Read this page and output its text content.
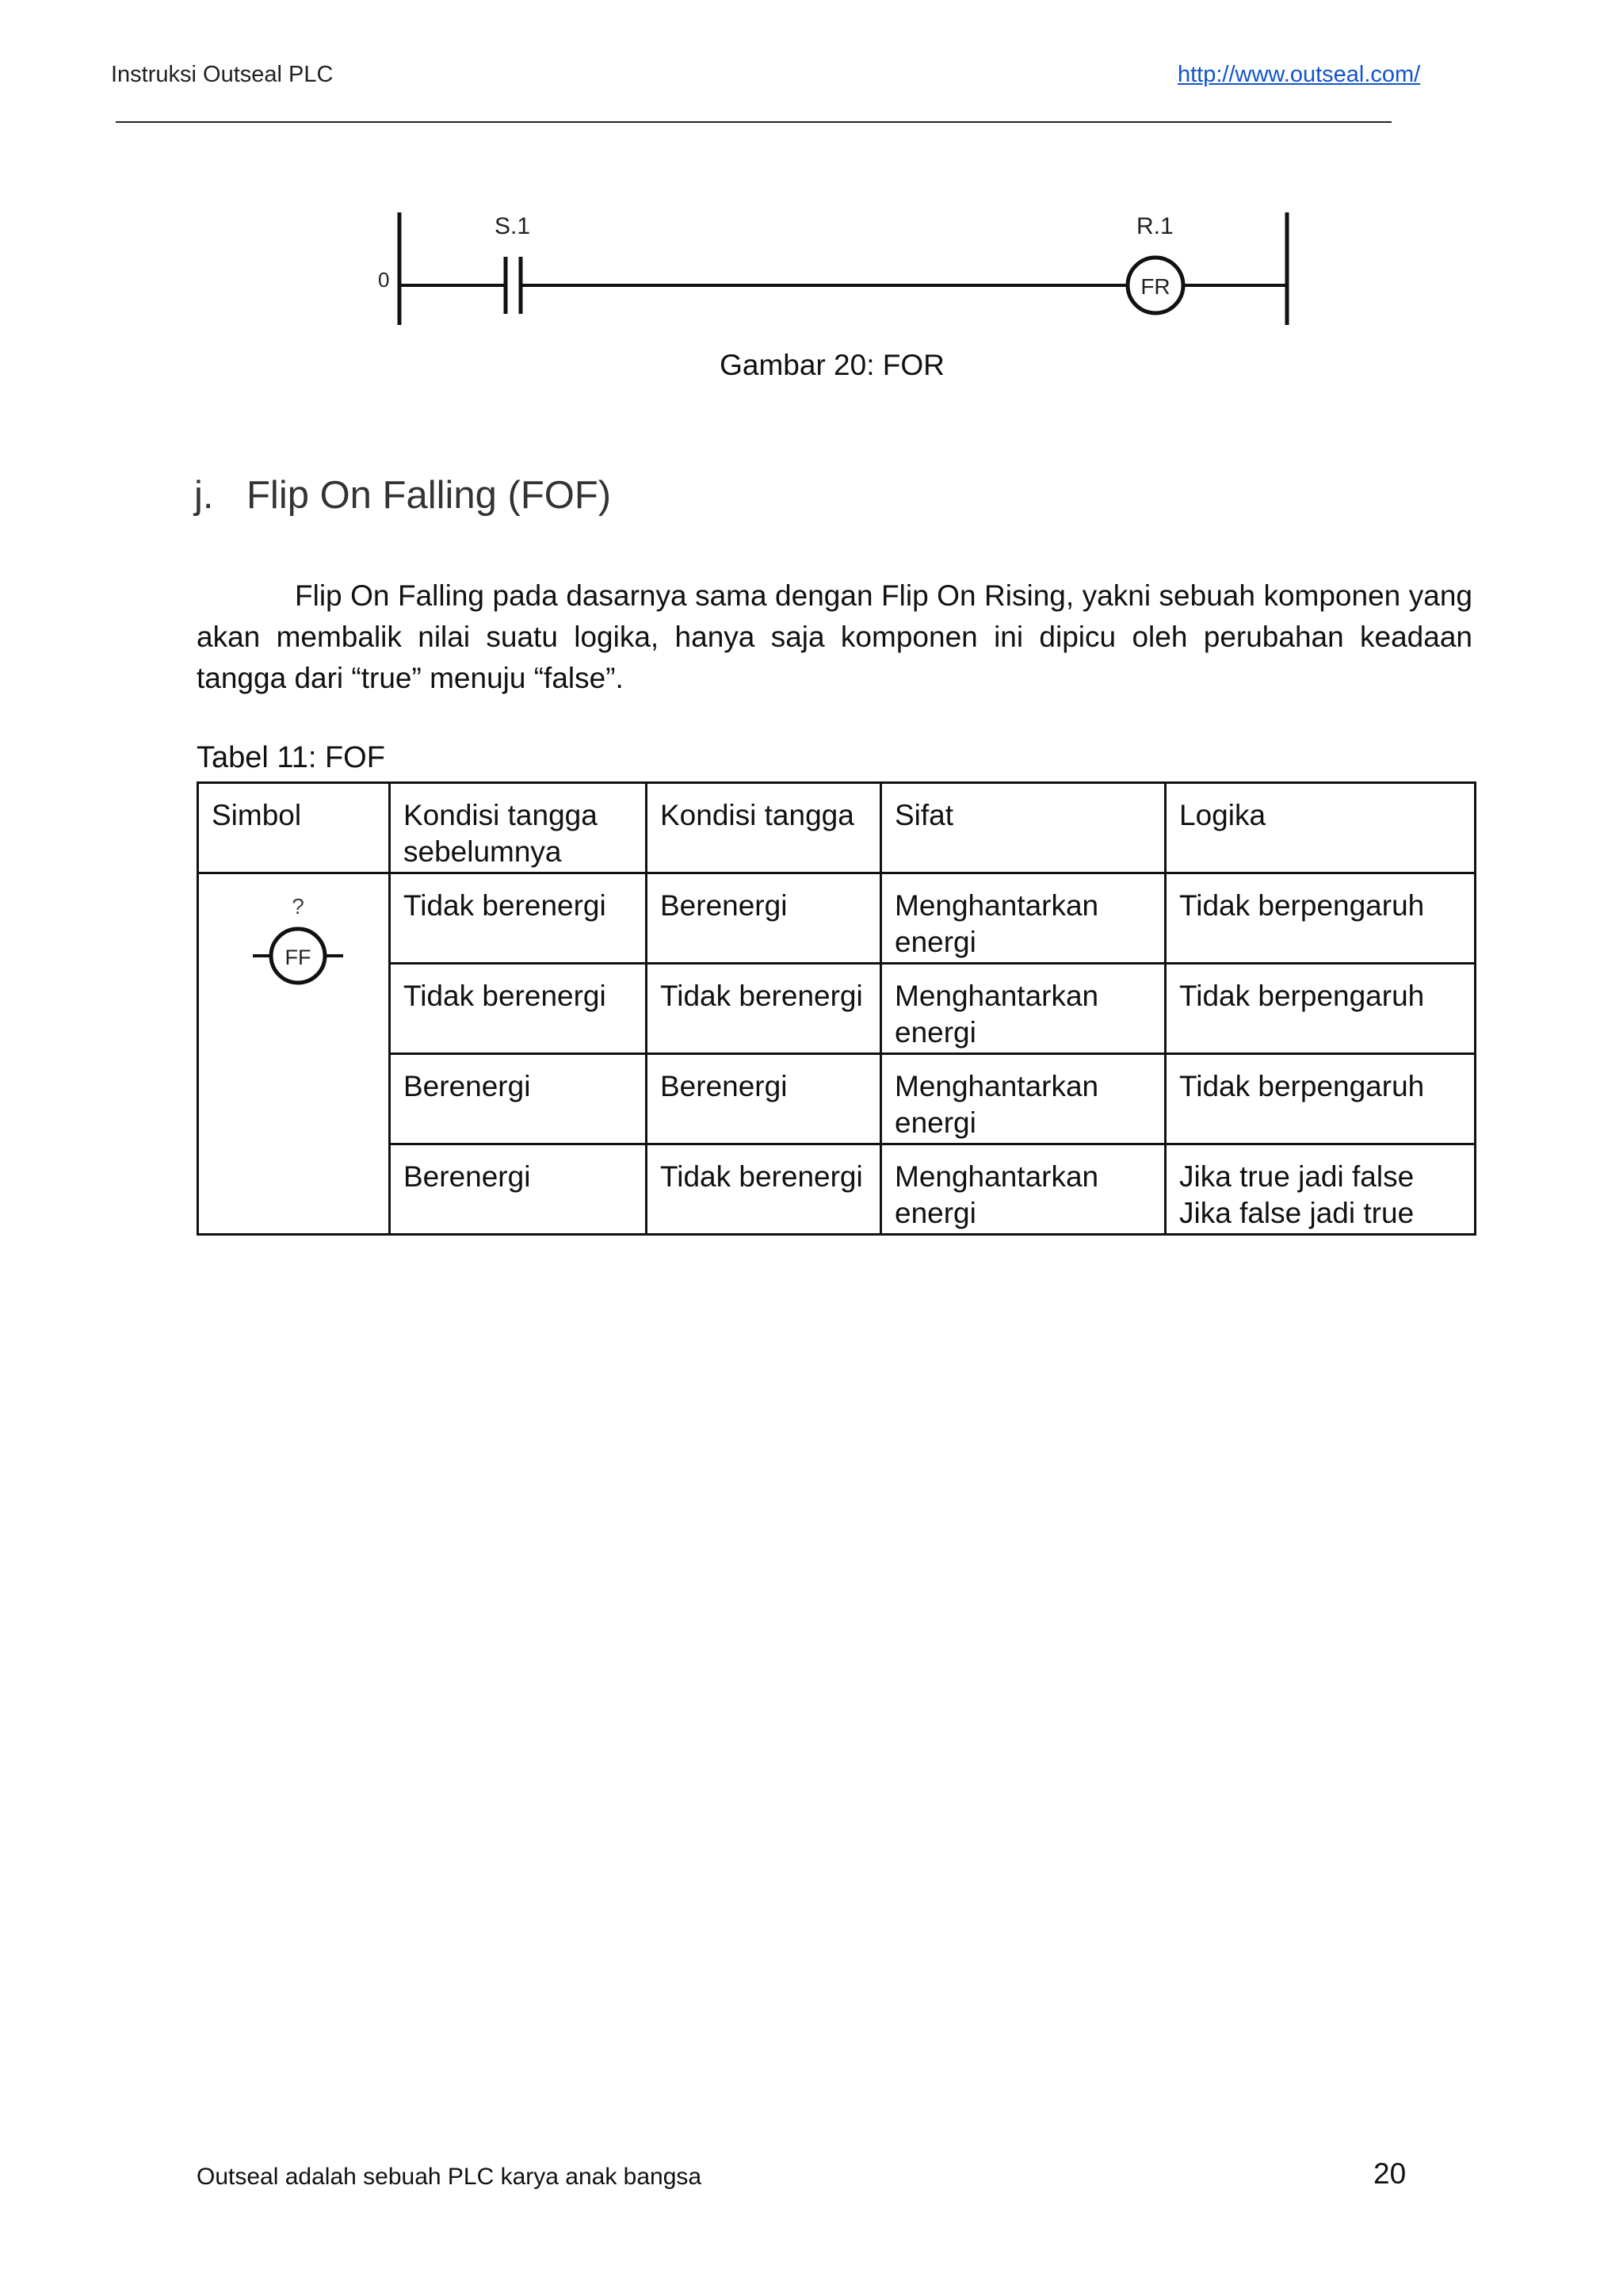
Instruksi Outseal PLC	http://www.outseal.com/
0
S.1
FR
R.1
Gambar 20: FOR
j. Flip On Falling (FOF)

Flip On Falling pada dasarnya sama dengan Flip On Rising, yakni sebuah komponen yang akan membalik nilai suatu logika, hanya saja komponen ini dipicu oleh perubahan keadaan tangga dari “true” menuju “false”.

Tabel 11: FOF
Simbol	Kondisi tangga sebelumnya	Kondisi tangga	Sifat	Logika

?
FF	Tidak berenergi	Berenergi	Menghantarkan energi	Tidak berpengaruh

	Tidak berenergi	Tidak berenergi	Menghantarkan energi	Tidak berpengaruh

	Berenergi	Berenergi	Menghantarkan energi	Tidak berpengaruh

	Berenergi	Tidak berenergi	Menghantarkan energi	Jika true jadi false
Jika false jadi true
Outseal adalah sebuah PLC karya anak bangsa	20
